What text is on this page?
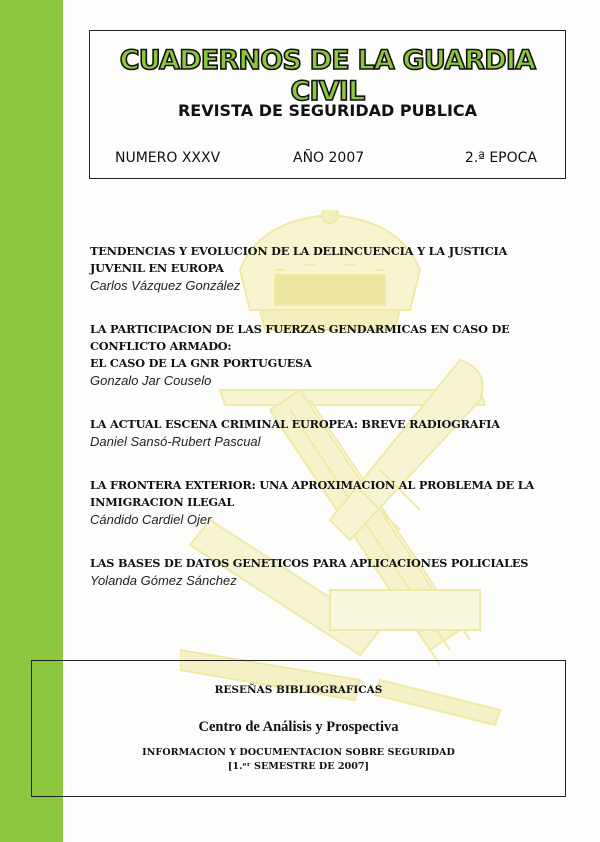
CUADERNOS DE LA GUARDIA CIVIL
REVISTA DE SEGURIDAD PUBLICA
NUMERO XXXV	AÑO 2007	2.ª EPOCA
TENDENCIAS Y EVOLUCION DE LA DELINCUENCIA Y LA JUSTICIA JUVENIL EN EUROPA
Carlos Vázquez González
LA PARTICIPACION DE LAS FUERZAS GENDARMICAS EN CASO DE CONFLICTO ARMADO:
EL CASO DE LA GNR PORTUGUESA
Gonzalo Jar Couselo
LA ACTUAL ESCENA CRIMINAL EUROPEA: BREVE RADIOGRAFIA
Daniel Sansó-Rubert Pascual
LA FRONTERA EXTERIOR: UNA APROXIMACION AL PROBLEMA DE LA INMIGRACION ILEGAL
Cándido Cardiel Ojer
LAS BASES DE DATOS GENETICOS PARA APLICACIONES POLICIALES
Yolanda Gómez Sánchez
RESEÑAS BIBLIOGRAFICAS
Centro de Análisis y Prospectiva
INFORMACION Y DOCUMENTACION SOBRE SEGURIDAD
[1.ᵉʳ SEMESTRE DE 2007]
